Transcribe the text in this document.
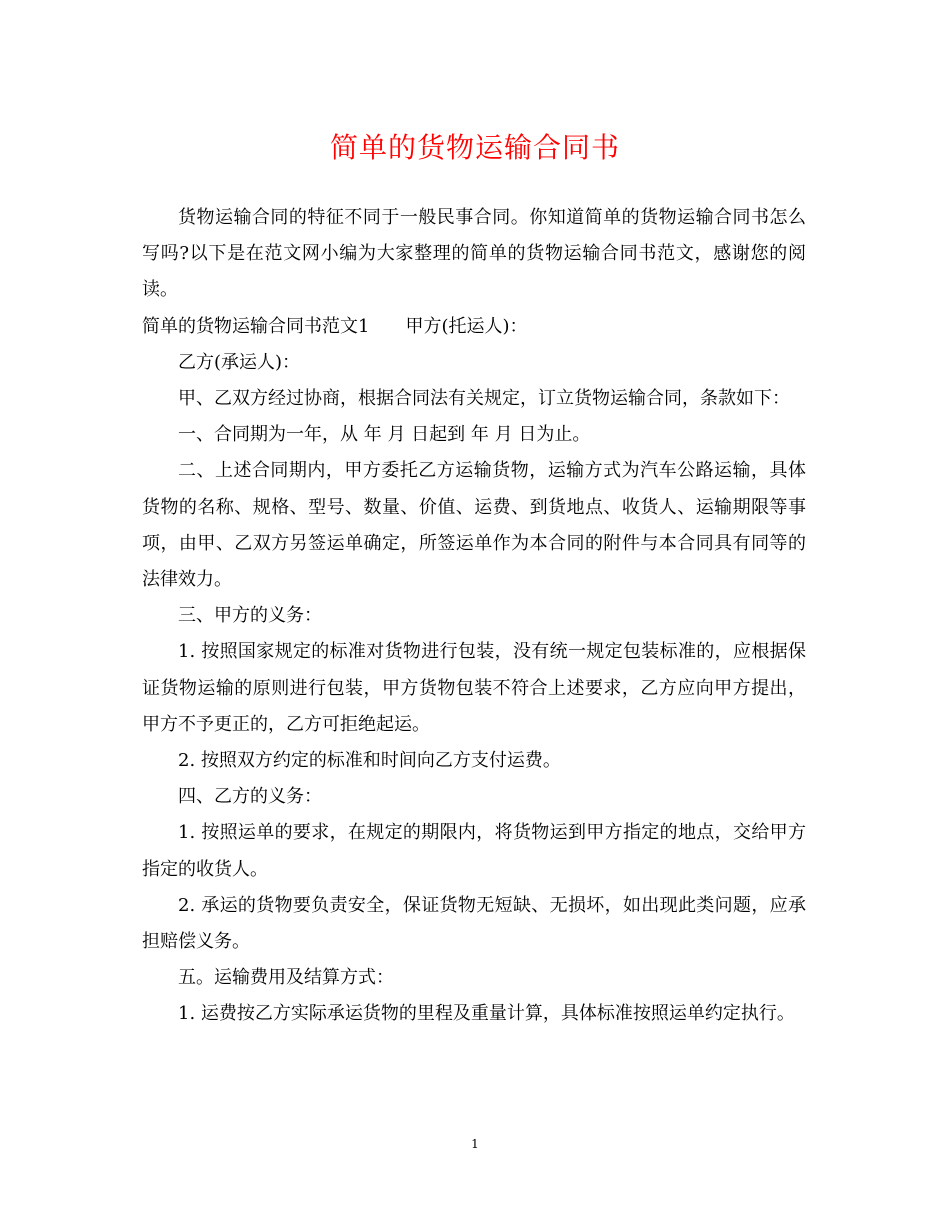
简单的货物运输合同书

货物运输合同的特征不同于一般民事合同。你知道简单的货物运输合同书怎么写吗?以下是在范文网小编为大家整理的简单的货物运输合同书范文，感谢您的阅读。

简单的货物运输合同书范文1 甲方(托运人)：

乙方(承运人)：

甲、乙双方经过协商，根据合同法有关规定，订立货物运输合同，条款如下：

一、合同期为一年，从 年 月 日起到 年 月 日为止。

二、上述合同期内，甲方委托乙方运输货物，运输方式为汽车公路运输，具体货物的名称、规格、型号、数量、价值、运费、到货地点、收货人、运输期限等事项，由甲、乙双方另签运单确定，所签运单作为本合同的附件与本合同具有同等的法律效力。

三、甲方的义务：

1. 按照国家规定的标准对货物进行包装，没有统一规定包装标准的，应根据保证货物运输的原则进行包装，甲方货物包装不符合上述要求，乙方应向甲方提出，甲方不予更正的，乙方可拒绝起运。

2. 按照双方约定的标准和时间向乙方支付运费。

四、乙方的义务：

1. 按照运单的要求，在规定的期限内，将货物运到甲方指定的地点，交给甲方指定的收货人。

2. 承运的货物要负责安全，保证货物无短缺、无损坏，如出现此类问题，应承担赔偿义务。

五。运输费用及结算方式：

1. 运费按乙方实际承运货物的里程及重量计算，具体标准按照运单约定执行。

1
